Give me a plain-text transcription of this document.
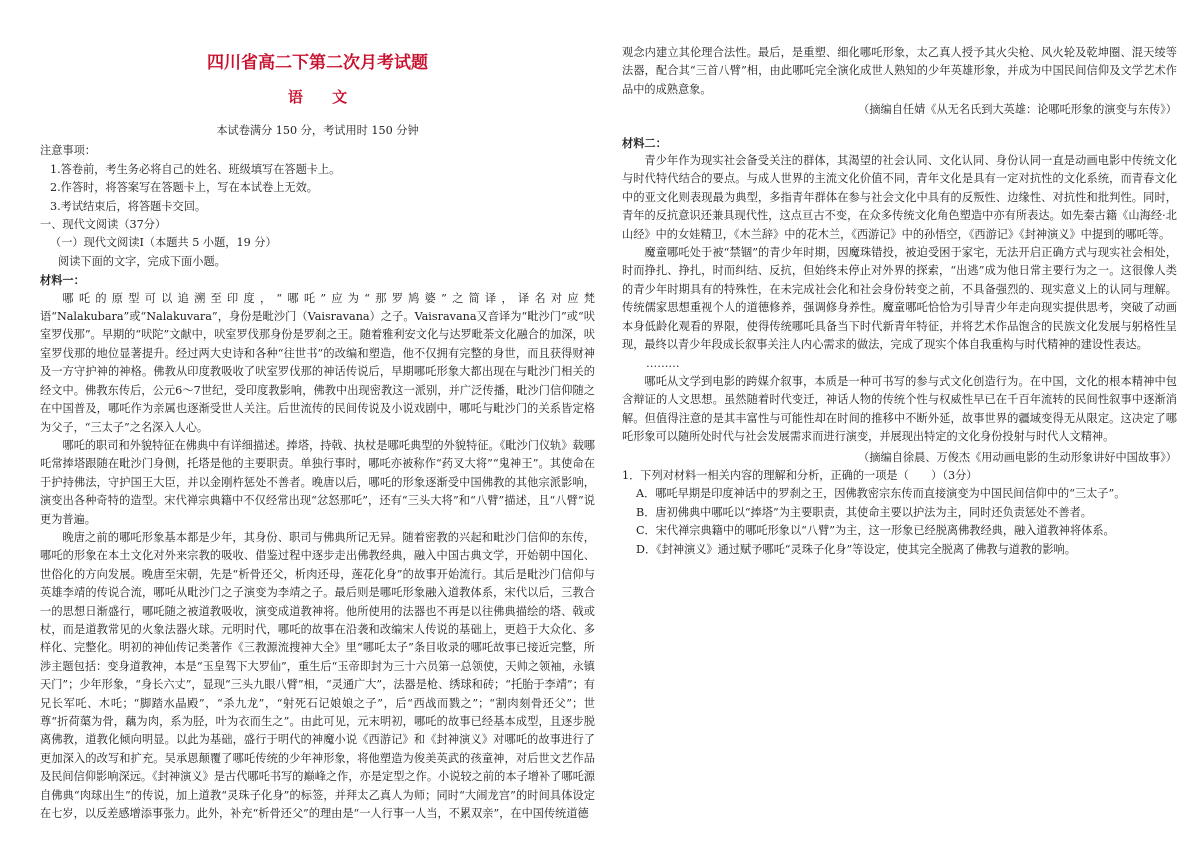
四川省高二下第二次月考试题

语 文

本试卷满分 150 分，考试用时 150 分钟

注意事项：

1.答卷前，考生务必将自己的姓名、班级填写在答题卡上。

2.作答时，将答案写在答题卡上，写在本试卷上无效。

3.考试结束后，将答题卡交回。

一、现代文阅读（37分）

（一）现代文阅读Ⅰ（本题共 5 小题，19 分）

阅读下面的文字，完成下面小题。

材料一：

哪吒的原型可以追溯至印度，“哪吒”应为“那罗鸠婆”之简译，译名对应梵语“Nalakubara”或“Nalakuvara”，身份是毗沙门（Vaisravana）之子。Vaisravana又音译为“毗沙门”或“吠室罗伐那”。早期的“吠陀”文献中，吠室罗伐那身份是罗刹之王。随着雅利安文化与达罗毗荼文化融合的加深，吠室罗伐那的地位显著提升。经过两大史诗和各种“往世书”的改编和塑造，他不仅拥有完整的身世，而且获得财神及一方守护神的神格。佛教从印度教吸收了吠室罗伐那的神话传说后，早期哪吒形象大都出现在与毗沙门相关的经文中。佛教东传后，公元6～7世纪，受印度教影响，佛教中出现密教这一派别，并广泛传播，毗沙门信仰随之在中国普及，哪吒作为亲属也逐渐受世人关注。后世流传的民间传说及小说戏剧中，哪吒与毗沙门的关系皆定格为父子，“三太子”之名深入人心。

哪吒的职司和外貌特征在佛典中有详细描述。捧塔，持戟、执杖是哪吒典型的外貌特征。《毗沙门仪轨》载哪吒常捧塔跟随在毗沙门身侧，托塔是他的主要职责。单独行事时，哪吒亦被称作“药叉大将”“鬼神王”。其使命在于护持佛法，守护国王大臣，并以金刚杵惩处不善者。晚唐以后，哪吒的形象逐渐受中国佛教的其他宗派影响，演变出各种奇特的造型。宋代禅宗典籍中不仅经常出现“忿怒那吒”，还有“三头大将”和“八臂”描述，且“八臂”说更为普遍。

晚唐之前的哪吒形象基本都是少年，其身份、职司与佛典所记无异。随着密教的兴起和毗沙门信仰的东传，哪吒的形象在本土文化对外来宗教的吸收、借鉴过程中逐步走出佛教经典，融入中国古典文学，开始朝中国化、世俗化的方向发展。晚唐至宋朝，先是“析骨还父，析肉还母，莲花化身”的故事开始流行。其后是毗沙门信仰与英雄李靖的传说合流，哪吒从毗沙门之子演变为李靖之子。最后则是哪吒形象融入道教体系，宋代以后，三教合一的思想日渐盛行，哪吒随之被道教吸收，演变成道教神将。他所使用的法器也不再是以往佛典描绘的塔、戟或杖，而是道教常见的火象法器火球。元明时代，哪吒的故事在沿袭和改编宋人传说的基础上，更趋于大众化、多样化、完整化。明初的神仙传记类著作《三教源流搜神大全》里“哪吒太子”条目收录的哪吒故事已接近完整，所涉主题包括：变身道教神，本是“玉皇驾下大罗仙”，重生后“玉帝即封为三十六员第一总领使，天帅之领袖，永镇天门”；少年形象，“身长六丈”，显现“三头九眼八臂”相，“灵通广大”，法器是枪、绣球和砖；“托胎于李靖”；有兄长军吒、木吒；“脚踏水晶殿”，“杀九龙”，“射死石记娘娘之子”，后“西战而戮之”；“割肉刻骨还父”；世尊“折荷蕖为骨，藕为肉，系为胫，叶为衣而生之”。由此可见，元末明初，哪吒的故事已经基本成型，且逐步脱离佛教，道教化倾向明显。以此为基础，盛行于明代的神魔小说《西游记》和《封神演义》对哪吒的故事进行了更加深入的改写和扩充。吴承恩颠覆了哪吒传统的少年神形象，将他塑造为俊美英武的孩童神，对后世文艺作品及民间信仰影响深远。《封神演义》是古代哪吒书写的巅峰之作，亦是定型之作。小说较之前的本子增补了哪吒源自佛典“肉球出生”的传说，加上道教“灵珠子化身”的标签，并拜太乙真人为师；同时“大闹龙宫”的时间具体设定在七岁，以反差感增添事张力。此外，补充“析骨还父”的理由是“一人行事一人当，不累双亲”，在中国传统道德

观念内建立其伦理合法性。最后，是重塑、细化哪吒形象，太乙真人授予其火尖枪、风火轮及乾坤圈、混天绫等法器，配合其“三首八臂”相，由此哪吒完全演化成世人熟知的少年英雄形象，并成为中国民间信仰及文学艺术作品中的成熟意象。

（摘编自任婧《从无名氏到大英雄：论哪吒形象的演变与东传》）

材料二：

青少年作为现实社会备受关注的群体，其渴望的社会认同、文化认同、身份认同一直是动画电影中传统文化与时代特代结合的要点。与成人世界的主流文化价值不同，青年文化是具有一定对抗性的文化系统，而青春文化中的亚文化则表现最为典型，多指青年群体在参与社会文化中具有的反叛性、边缘性、对抗性和批判性。同时，青年的反抗意识还兼具现代性，这点亘古不变，在众多传统文化角色塑造中亦有所表达。如先秦古籍《山海经·北山经》中的女娃精卫，《木兰辞》中的花木兰，《西游记》中的孙悟空，《西游记》《封神演义》中提到的哪吒等。

魔童哪吒处于被“禁锢”的青少年时期，因魔珠错投，被迫受困于家宅，无法开启正确方式与现实社会相处，时而挣扎、挣扎，时而纠结、反抗，但始终未停止对外界的探索，“出逃”成为他日常主要行为之一。这很像人类的青少年时期具有的特殊性，在未完成社会化和社会身份转变之前，不具备强烈的、现实意义上的认同与理解。传统儒家思想重视个人的道德修养，强调修身养性。魔童哪吒恰恰为引导青少年走向现实提供思考，突破了动画本身低龄化观看的界限，使得传统哪吒具备当下时代新青年特征，并将艺术作品饱含的民族文化发展与躬格性呈现，最终以青少年段成长叙事关注人内心需求的做法，完成了现实个体自我重构与时代精神的建设性表达。

………

哪吒从文学到电影的跨媒介叙事，本质是一种可书写的参与式文化创造行为。在中国，文化的根本精神中包含辩证的人文思想。虽然随着时代变迁，神话人物的传统个性与权威性早已在千百年流转的民间性叙事中逐渐消解。但值得注意的是其丰富性与可能性却在时间的推移中不断外延，故事世界的疆域变得无从限定。这决定了哪吒形象可以随所处时代与社会发展需求而进行演变，并展现出特定的文化身份投射与时代人文精神。

（摘编自徐晨、万俊杰《用动画电影的生动形象讲好中国故事》）

1．下列对材料一相关内容的理解和分析，正确的一项是（　　）（3分）

A．哪吒早期是印度神话中的罗刹之王，因佛教密宗东传而直接演变为中国民间信仰中的“三太子”。

B．唐初佛典中哪吒以“捧塔”为主要职责，其使命主要以护法为主，同时还负责惩处不善者。

C．宋代禅宗典籍中的哪吒形象以“八臂”为主，这一形象已经脱离佛教经典，融入道教神将体系。

D．《封神演义》通过赋予哪吒“灵珠子化身”等设定，使其完全脱离了佛教与道教的影响。
